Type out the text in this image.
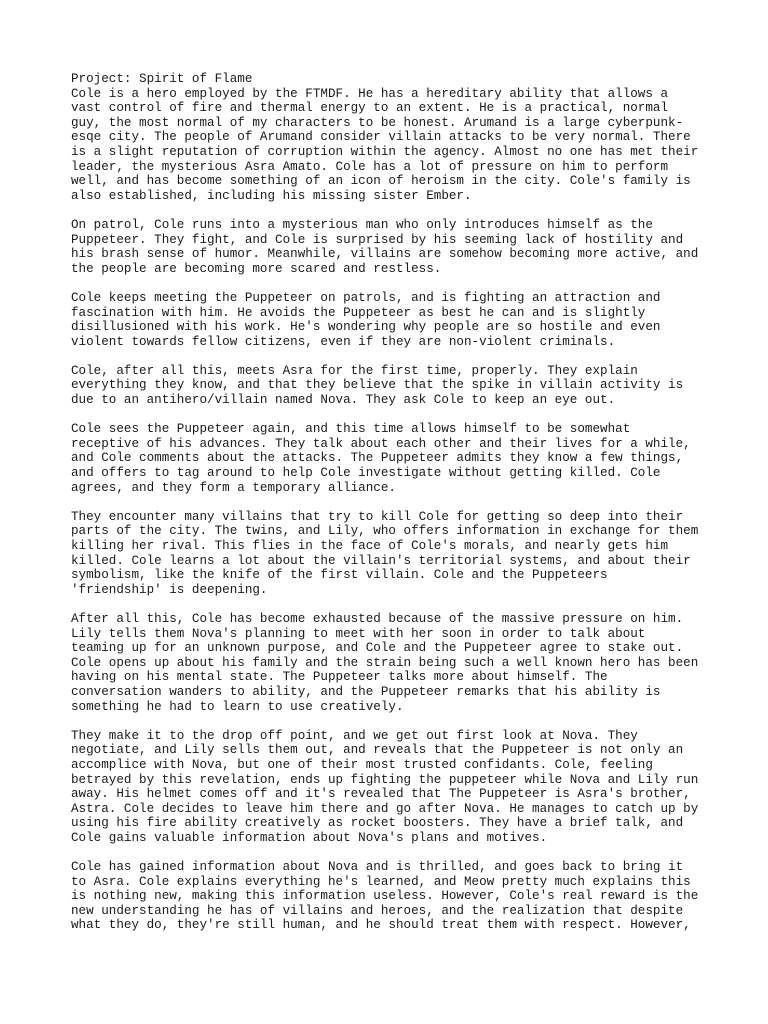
Project: Spirit of Flame
Cole is a hero employed by the FTMDF. He has a hereditary ability that allows a
vast control of fire and thermal energy to an extent. He is a practical, normal
guy, the most normal of my characters to be honest. Arumand is a large cyberpunk-
esqe city. The people of Arumand consider villain attacks to be very normal. There
is a slight reputation of corruption within the agency. Almost no one has met their
leader, the mysterious Asra Amato. Cole has a lot of pressure on him to perform
well, and has become something of an icon of heroism in the city. Cole's family is
also established, including his missing sister Ember.
On patrol, Cole runs into a mysterious man who only introduces himself as the
Puppeteer. They fight, and Cole is surprised by his seeming lack of hostility and
his brash sense of humor. Meanwhile, villains are somehow becoming more active, and
the people are becoming more scared and restless.
Cole keeps meeting the Puppeteer on patrols, and is fighting an attraction and
fascination with him. He avoids the Puppeteer as best he can and is slightly
disillusioned with his work. He's wondering why people are so hostile and even
violent towards fellow citizens, even if they are non-violent criminals.
Cole, after all this, meets Asra for the first time, properly. They explain
everything they know, and that they believe that the spike in villain activity is
due to an antihero/villain named Nova. They ask Cole to keep an eye out.
Cole sees the Puppeteer again, and this time allows himself to be somewhat
receptive of his advances. They talk about each other and their lives for a while,
and Cole comments about the attacks. The Puppeteer admits they know a few things,
and offers to tag around to help Cole investigate without getting killed. Cole
agrees, and they form a temporary alliance.
They encounter many villains that try to kill Cole for getting so deep into their
parts of the city. The twins, and Lily, who offers information in exchange for them
killing her rival. This flies in the face of Cole's morals, and nearly gets him
killed. Cole learns a lot about the villain's territorial systems, and about their
symbolism, like the knife of the first villain. Cole and the Puppeteers
'friendship' is deepening.
After all this, Cole has become exhausted because of the massive pressure on him.
Lily tells them Nova's planning to meet with her soon in order to talk about
teaming up for an unknown purpose, and Cole and the Puppeteer agree to stake out.
Cole opens up about his family and the strain being such a well known hero has been
having on his mental state. The Puppeteer talks more about himself. The
conversation wanders to ability, and the Puppeteer remarks that his ability is
something he had to learn to use creatively.
They make it to the drop off point, and we get out first look at Nova. They
negotiate, and Lily sells them out, and reveals that the Puppeteer is not only an
accomplice with Nova, but one of their most trusted confidants. Cole, feeling
betrayed by this revelation, ends up fighting the puppeteer while Nova and Lily run
away. His helmet comes off and it's revealed that The Puppeteer is Asra's brother,
Astra. Cole decides to leave him there and go after Nova. He manages to catch up by
using his fire ability creatively as rocket boosters. They have a brief talk, and
Cole gains valuable information about Nova's plans and motives.
Cole has gained information about Nova and is thrilled, and goes back to bring it
to Asra. Cole explains everything he's learned, and Meow pretty much explains this
is nothing new, making this information useless. However, Cole's real reward is the
new understanding he has of villains and heroes, and the realization that despite
what they do, they're still human, and he should treat them with respect. However,
